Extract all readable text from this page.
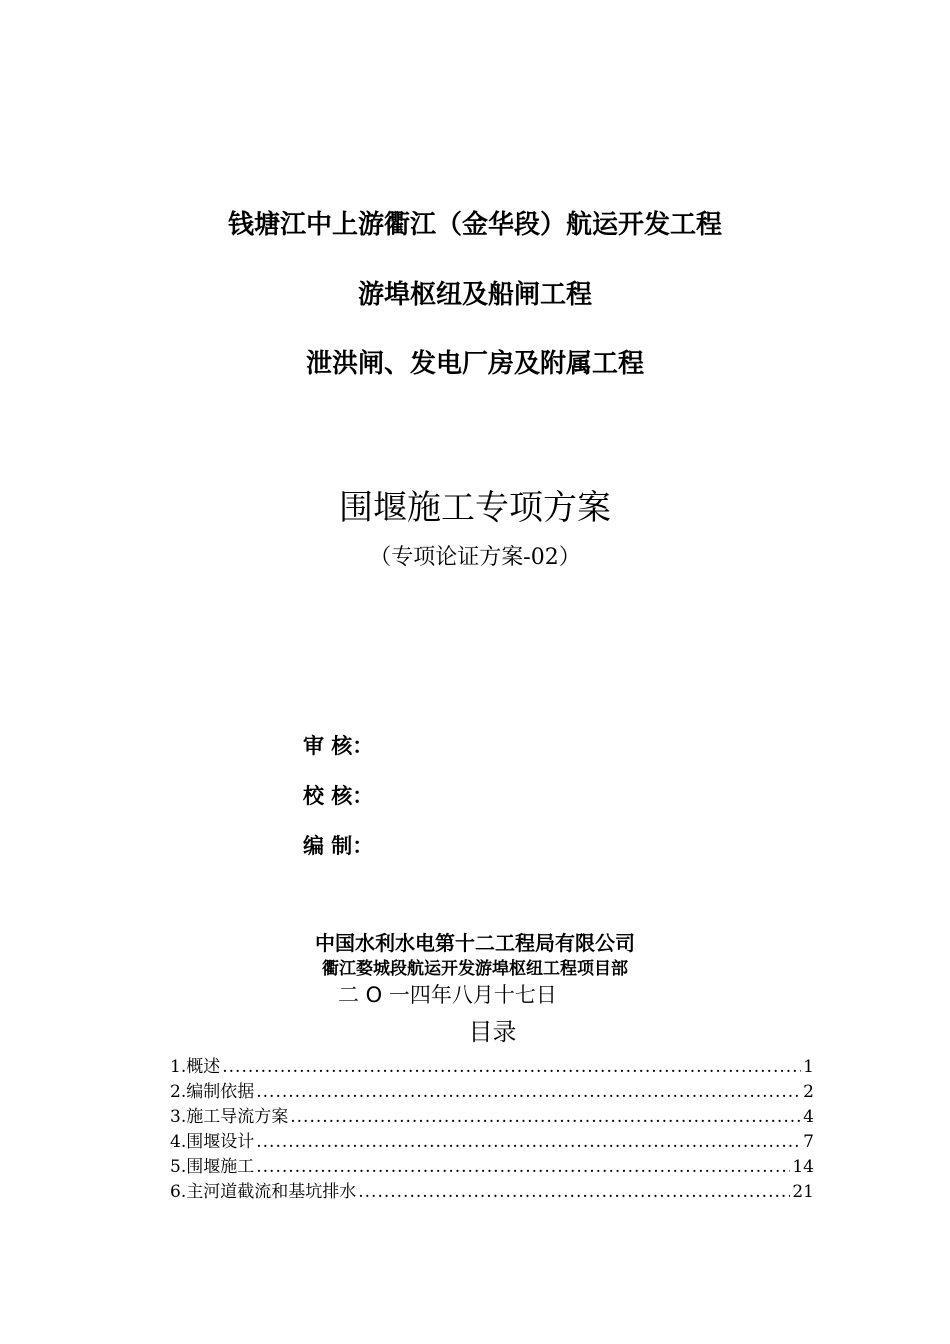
钱塘江中上游衢江（金华段）航运开发工程
游埠枢纽及船闸工程
泄洪闸、发电厂房及附属工程
围堰施工专项方案
（专项论证方案-02）
审 核：
校 核：
编 制：
中国水利水电第十二工程局有限公司
衢江婺城段航运开发游埠枢纽工程项目部
二 O 一四年八月十七日
目录
1.概述 .....	1
2.编制依据 .....	2
3.施工导流方案 .....	4
4.围堰设计 .....	7
5.围堰施工 .....	14
6.主河道截流和基坑排水 .....	21
